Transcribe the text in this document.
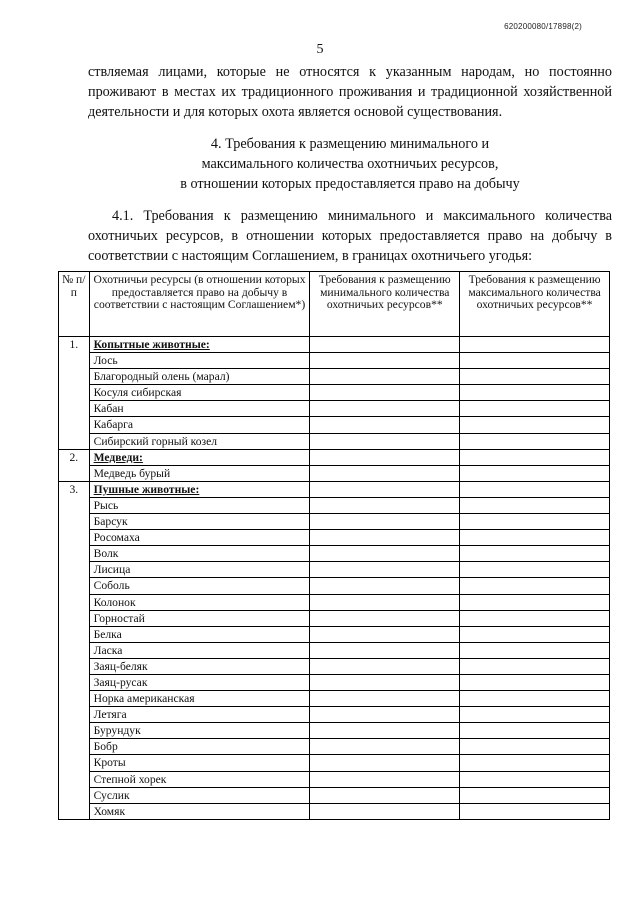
620200080/17898(2)
5

ствляемая лицами, которые не относятся к указанным народам, но постоянно проживают в местах их традиционного проживания и традиционной хозяйственной деятельности и для которых охота является основой существования.

4. Требования к размещению минимального и
максимального количества охотничьих ресурсов,
в отношении которых предоставляется право на добычу
4.1. Требования к размещению минимального и максимального количества охотничьих ресурсов, в отношении которых предоставляется право на добычу в соответствии с настоящим Соглашением, в границах охотничьего угодья:
№ п/п	Охотничьи ресурсы (в отношении которых предоставляется право на добычу в соответствии с настоящим Соглашением*)	Требования к размещению минимального количества охотничьих ресурсов**	Требования к размещению максимального количества охотничьих ресурсов**
1.	Копытные животные:		
	Лось		
	Благородный олень (марал)		
	Косуля сибирская		
	Кабан		
	Кабарга		
	Сибирский горный козел		
2.	Медведи:		
	Медведь бурый		
3.	Пушные животные:		
	Рысь		
	Барсук		
	Росомаха		
	Волк		
	Лисица		
	Соболь		
	Колонок		
	Горностай		
	Белка		
	Ласка		
	Заяц-беляк		
	Заяц-русак		
	Норка американская		
	Летяга		
	Бурундук		
	Бобр		
	Кроты		
	Степной хорек		
	Суслик		
	Хомяк		
